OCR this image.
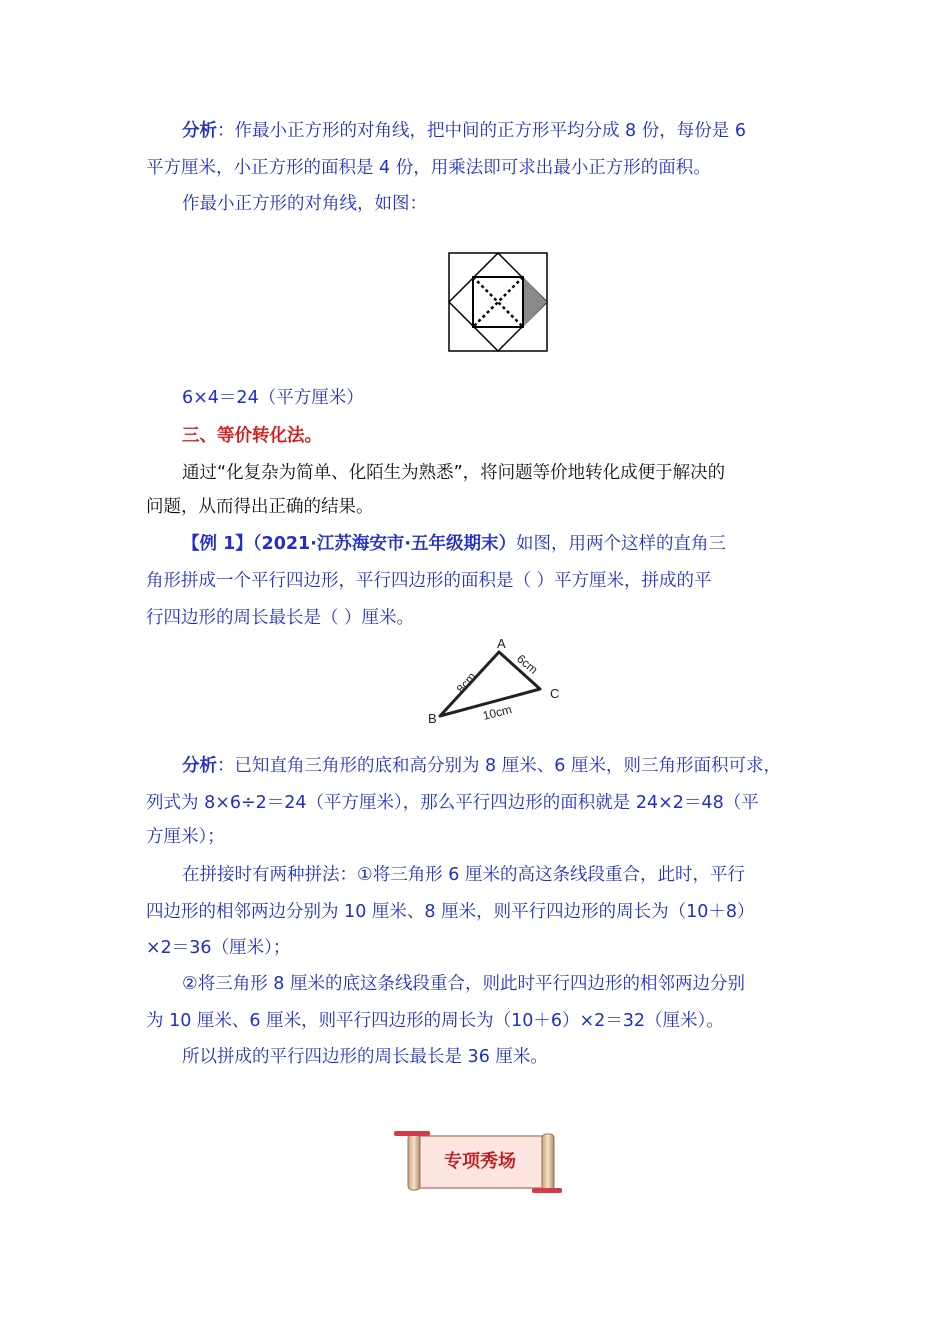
分析：作最小正方形的对角线，把中间的正方形平均分成 8 份，每份是 6
平方厘米，小正方形的面积是 4 份，用乘法即可求出最小正方形的面积。
作最小正方形的对角线，如图：
6×4＝24（平方厘米）
三、等价转化法。
通过“化复杂为简单、化陌生为熟悉”，将问题等价地转化成便于解决的
问题，从而得出正确的结果。
【例 1】（2021·江苏海安市·五年级期末）如图，用两个这样的直角三
角形拼成一个平行四边形，平行四边形的面积是（ ）平方厘米，拼成的平
行四边形的周长最长是（ ）厘米。
B
A
C
8cm
6cm
10cm
分析：已知直角三角形的底和高分别为 8 厘米、6 厘米，则三角形面积可求，
列式为 8×6÷2＝24（平方厘米），那么平行四边形的面积就是 24×2＝48（平
方厘米）；
在拼接时有两种拼法：①将三角形 6 厘米的高这条线段重合，此时，平行
四边形的相邻两边分别为 10 厘米、8 厘米，则平行四边形的周长为（10＋8）
×2＝36（厘米）；
②将三角形 8 厘米的底这条线段重合，则此时平行四边形的相邻两边分别
为 10 厘米、6 厘米，则平行四边形的周长为（10＋6）×2＝32（厘米）。
所以拼成的平行四边形的周长最长是 36 厘米。
专项秀场
